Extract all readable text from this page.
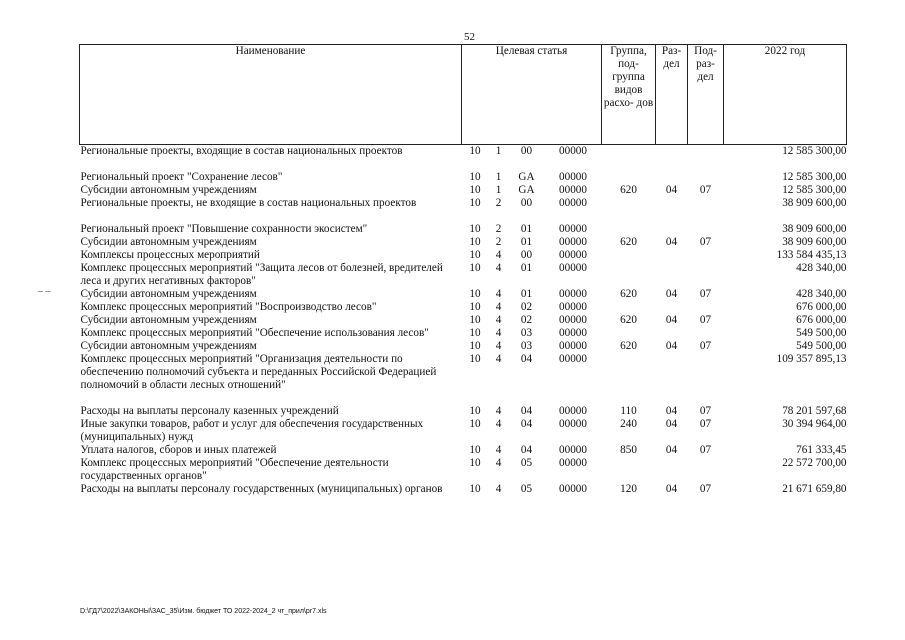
52
– –
Наименование	Целевая статья				Группа, под- группа видов расхо- дов	Раз- дел	Под- раз- дел	2022 год
Региональные проекты, входящие в состав национальных проектов	10	1	00	00000				12 585 300,00

Региональный проект "Сохранение лесов"	10	1	GA	00000				12 585 300,00
Субсидии автономным учреждениям	10	1	GA	00000	620	04	07	12 585 300,00
Региональные проекты, не входящие в состав национальных проектов	10	2	00	00000				38 909 600,00

Региональный проект "Повышение сохранности экосистем"	10	2	01	00000				38 909 600,00
Субсидии автономным учреждениям	10	2	01	00000	620	04	07	38 909 600,00
Комплексы процессных мероприятий	10	4	00	00000				133 584 435,13
Комплекс процессных мероприятий "Защита лесов от болезней, вредителей леса и других негативных факторов"	10	4	01	00000				428 340,00
Субсидии автономным учреждениям	10	4	01	00000	620	04	07	428 340,00
Комплекс процессных мероприятий "Воспроизводство лесов"	10	4	02	00000				676 000,00
Субсидии автономным учреждениям	10	4	02	00000	620	04	07	676 000,00
Комплекс процессных мероприятий "Обеспечение использования лесов"	10	4	03	00000				549 500,00
Субсидии автономным учреждениям	10	4	03	00000	620	04	07	549 500,00
Комплекс процессных мероприятий "Организация деятельности по обеспечению полномочий субъекта и переданных Российской Федерацией полномочий в области лесных отношений"	10	4	04	00000				109 357 895,13

Расходы на выплаты персоналу казенных учреждений	10	4	04	00000	110	04	07	78 201 597,68
Иные закупки товаров, работ и услуг для обеспечения государственных (муниципальных) нужд	10	4	04	00000	240	04	07	30 394 964,00
Уплата налогов, сборов и иных платежей	10	4	04	00000	850	04	07	761 333,45
Комплекс процессных мероприятий "Обеспечение деятельности государственных органов"	10	4	05	00000				22 572 700,00
Расходы на выплаты персоналу государственных (муниципальных) органов	10	4	05	00000	120	04	07	21 671 659,80
D:\ГД7\2022\ЗАКОНЫ\ЗАС_35\Изм. бюджет ТО 2022-2024_2 чт_прил\pr7.xls
